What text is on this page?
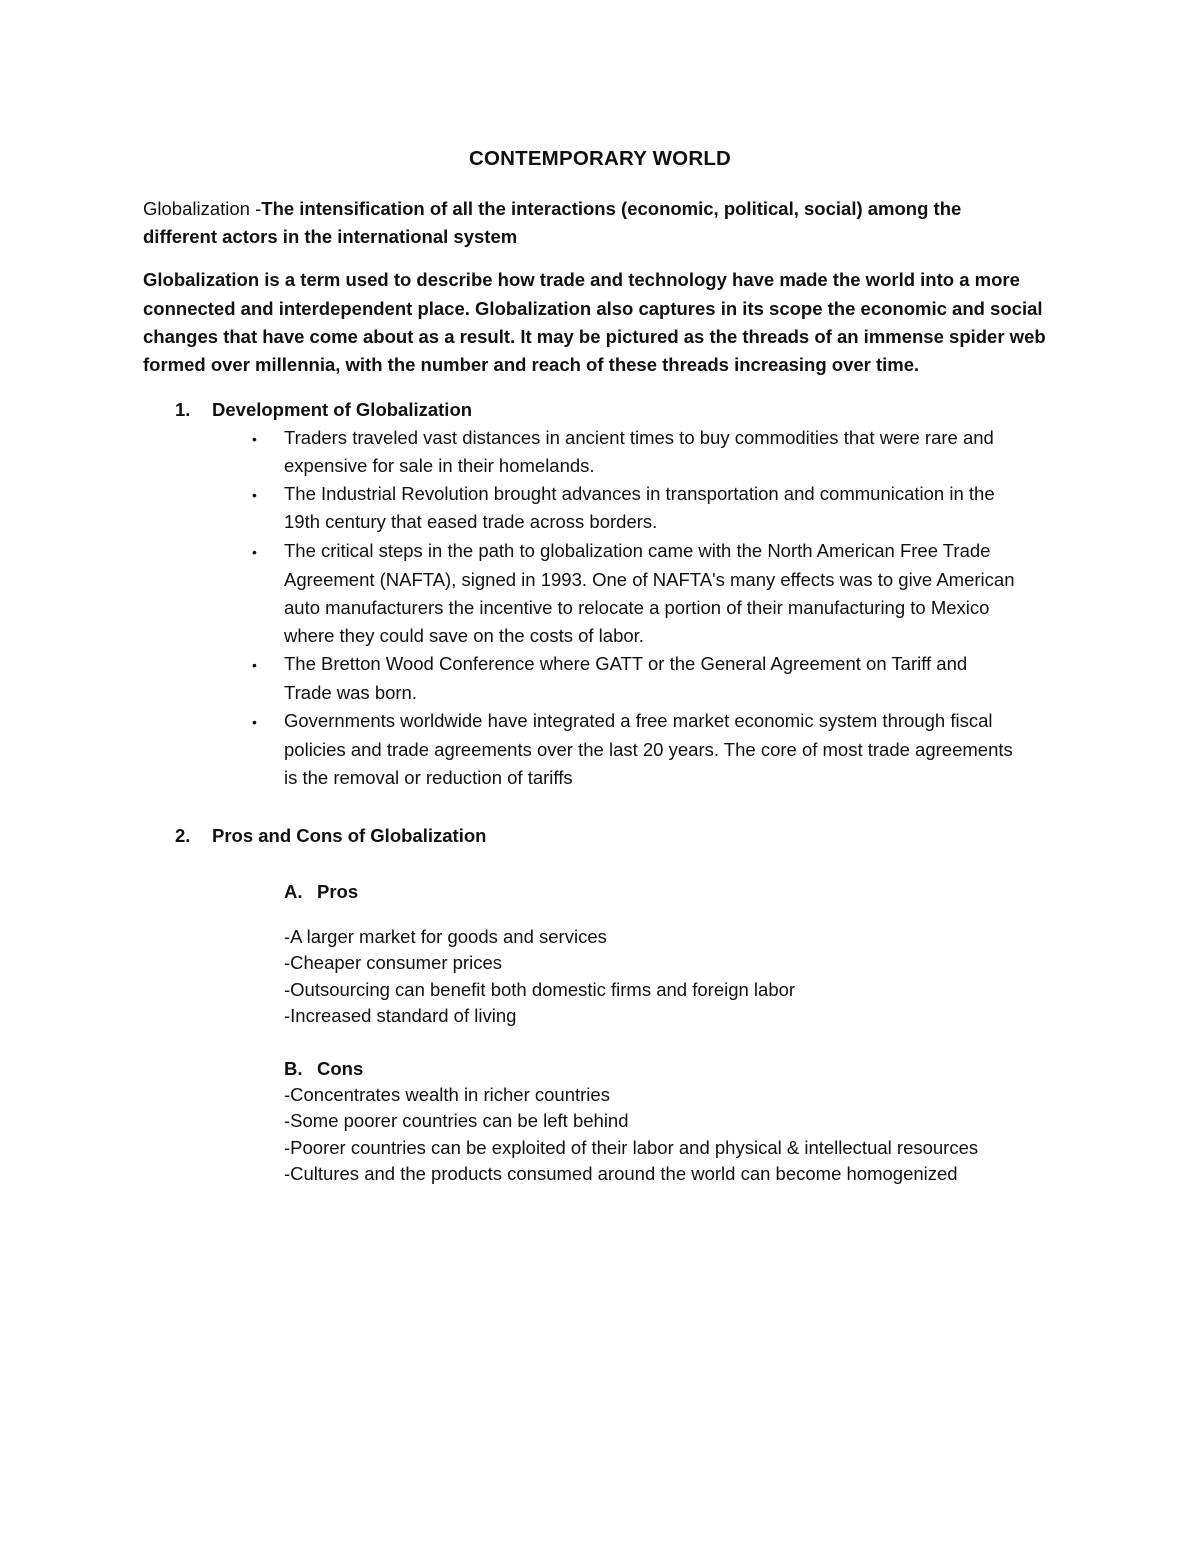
CONTEMPORARY WORLD
Globalization -The intensification of all the interactions (economic, political, social) among the
different actors in the international system
Globalization is a term used to describe how trade and technology have made the world into a more
connected and interdependent place. Globalization also captures in its scope the economic and social
changes that have come about as a result. It may be pictured as the threads of an immense spider web
formed over millennia, with the number and reach of these threads increasing over time.
1. Development of Globalization
• Traders traveled vast distances in ancient times to buy commodities that were rare and
expensive for sale in their homelands.
• The Industrial Revolution brought advances in transportation and communication in the
19th century that eased trade across borders.
• The critical steps in the path to globalization came with the North American Free Trade
Agreement (NAFTA), signed in 1993. One of NAFTA's many effects was to give American
auto manufacturers the incentive to relocate a portion of their manufacturing to Mexico
where they could save on the costs of labor.
• The Bretton Wood Conference where GATT or the General Agreement on Tariff and
Trade was born.
• Governments worldwide have integrated a free market economic system through fiscal
policies and trade agreements over the last 20 years. The core of most trade agreements
is the removal or reduction of tariffs
2. Pros and Cons of Globalization
A. Pros
-A larger market for goods and services
-Cheaper consumer prices
-Outsourcing can benefit both domestic firms and foreign labor
-Increased standard of living
B. Cons
-Concentrates wealth in richer countries
-Some poorer countries can be left behind
-Poorer countries can be exploited of their labor and physical & intellectual resources
-Cultures and the products consumed around the world can become homogenized
